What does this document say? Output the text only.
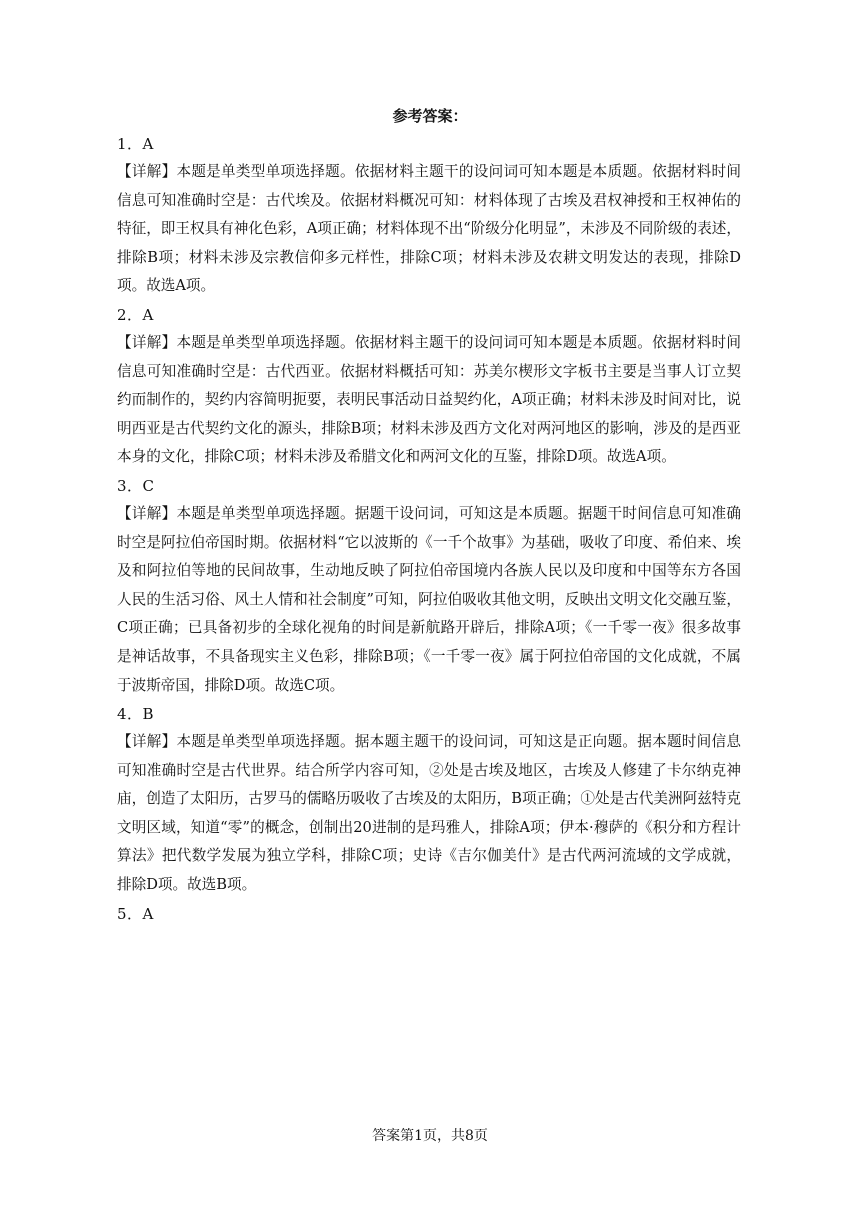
参考答案：

1．A

【详解】本题是单类型单项选择题。依据材料主题干的设问词可知本题是本质题。依据材料时间信息可知准确时空是：古代埃及。依据材料概况可知：材料体现了古埃及君权神授和王权神佑的特征，即王权具有神化色彩，A项正确；材料体现不出“阶级分化明显”，未涉及不同阶级的表述，排除B项；材料未涉及宗教信仰多元样性，排除C项；材料未涉及农耕文明发达的表现，排除D项。故选A项。

2．A

【详解】本题是单类型单项选择题。依据材料主题干的设问词可知本题是本质题。依据材料时间信息可知准确时空是：古代西亚。依据材料概括可知：苏美尔楔形文字板书主要是当事人订立契约而制作的，契约内容简明扼要，表明民事活动日益契约化，A项正确；材料未涉及时间对比，说明西亚是古代契约文化的源头，排除B项；材料未涉及西方文化对两河地区的影响，涉及的是西亚本身的文化，排除C项；材料未涉及希腊文化和两河文化的互鉴，排除D项。故选A项。

3．C

【详解】本题是单类型单项选择题。据题干设问词，可知这是本质题。据题干时间信息可知准确时空是阿拉伯帝国时期。依据材料“它以波斯的《一千个故事》为基础，吸收了印度、希伯来、埃及和阿拉伯等地的民间故事，生动地反映了阿拉伯帝国境内各族人民以及印度和中国等东方各国人民的生活习俗、风土人情和社会制度”可知，阿拉伯吸收其他文明，反映出文明文化交融互鉴，C项正确；已具备初步的全球化视角的时间是新航路开辟后，排除A项；《一千零一夜》很多故事是神话故事，不具备现实主义色彩，排除B项；《一千零一夜》属于阿拉伯帝国的文化成就，不属于波斯帝国，排除D项。故选C项。

4．B

【详解】本题是单类型单项选择题。据本题主题干的设问词，可知这是正向题。据本题时间信息可知准确时空是古代世界。结合所学内容可知，②处是古埃及地区，古埃及人修建了卡尔纳克神庙，创造了太阳历，古罗马的儒略历吸收了古埃及的太阳历，B项正确；①处是古代美洲阿兹特克文明区域，知道“零”的概念，创制出20进制的是玛雅人，排除A项；伊本·穆萨的《积分和方程计算法》把代数学发展为独立学科，排除C项；史诗《吉尔伽美什》是古代两河流域的文学成就，排除D项。故选B项。

5．A

答案第1页，共8页
